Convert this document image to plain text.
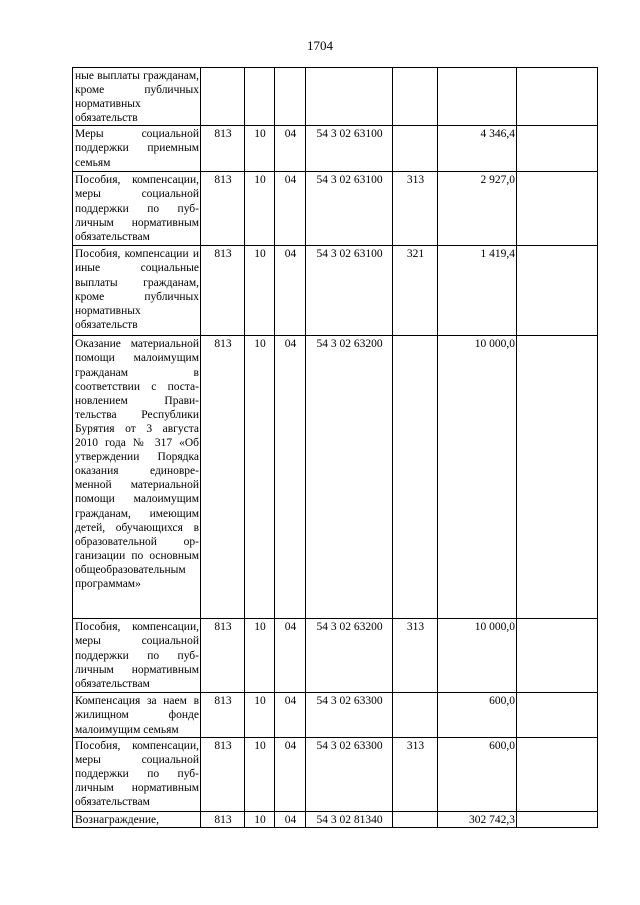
1704
ные выплаты гражданам, кроме публичных нормативных обязательств							
Меры социальной поддержки приемным семьям	813	10	04	54 3 02 63100		4 346,4	
Пособия, компенсации, меры социальной поддержки по публичным нормативным обязательствам	813	10	04	54 3 02 63100	313	2 927,0	
Пособия, компенсации и иные социальные выплаты гражданам, кроме публичных нормативных обязательств	813	10	04	54 3 02 63100	321	1 419,4	
Оказание материальной помощи малоимущим гражданам в соответствии с постановлением Правительства Республики Бурятия от 3 августа 2010 года № 317 «Об утверждении Порядка оказания единовременной материальной помощи малоимущим гражданам, имеющим детей, обучающихся в образовательной организации по основным общеобразовательным программам»	813	10	04	54 3 02 63200		10 000,0	
Пособия, компенсации, меры социальной поддержки по публичным нормативным обязательствам	813	10	04	54 3 02 63200	313	10 000,0	
Компенсация за наем в жилищном фонде малоимущим семьям	813	10	04	54 3 02 63300		600,0	
Пособия, компенсации, меры социальной поддержки по публичным нормативным обязательствам	813	10	04	54 3 02 63300	313	600,0	
Вознаграждение,	813	10	04	54 3 02 81340		302 742,3	
